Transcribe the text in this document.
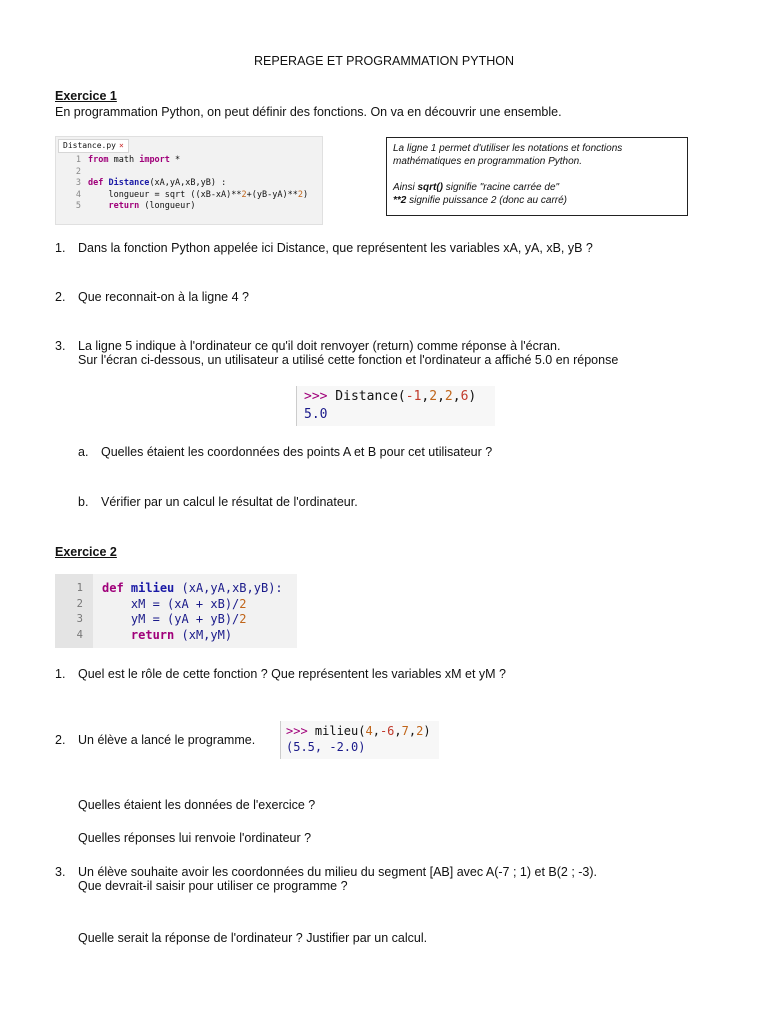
REPERAGE ET PROGRAMMATION PYTHON
Exercice 1
En programmation Python, on peut définir des fonctions. On va en découvrir une ensemble.
Distance.py ×
1
2
3
4
5
from math import *

def Distance(xA,yA,xB,yB) :
longueur = sqrt ((xB-xA)**2+(yB-yA)**2)
return (longueur)
La ligne 1 permet d'utiliser les notations et fonctions
mathématiques en programmation Python.
Ainsi sqrt() signifie "racine carrée de"
**2 signifie puissance 2 (donc au carré)
1.	Dans la fonction Python appelée ici Distance, que représentent les variables xA, yA, xB, yB ?
2.	Que reconnait-on à la ligne 4 ?
3.	La ligne 5 indique à l'ordinateur ce qu'il doit renvoyer (return) comme réponse à l'écran.
Sur l'écran ci-dessous, un utilisateur a utilisé cette fonction et l'ordinateur a affiché 5.0 en réponse
>>> Distance(-1,2,2,6)
5.0
a.	Quelles étaient les coordonnées des points A et B pour cet utilisateur ?
b.	Vérifier par un calcul le résultat de l'ordinateur.
Exercice 2
1
2
3
4
def milieu (xA,yA,xB,yB):
xM = (xA + xB)/2
yM = (yA + yB)/2
return (xM,yM)
1.	Quel est le rôle de cette fonction ? Que représentent les variables xM et yM ?
2.	Un élève a lancé le programme.
>>> milieu(4,-6,7,2)
(5.5, -2.0)
Quelles étaient les données de l'exercice ?
Quelles réponses lui renvoie l'ordinateur ?
3.	Un élève souhaite avoir les coordonnées du milieu du segment [AB] avec A(-7 ; 1) et B(2 ; -3).
Que devrait-il saisir pour utiliser ce programme ?
Quelle serait la réponse de l'ordinateur ? Justifier par un calcul.
